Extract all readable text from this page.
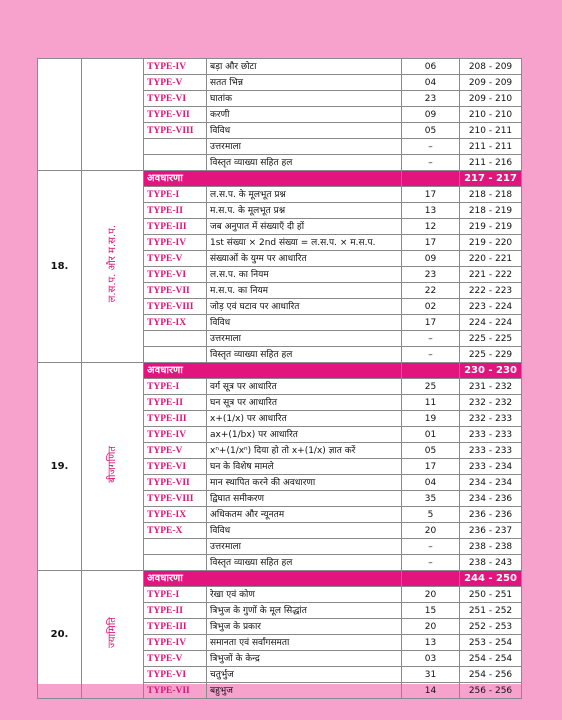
		TYPE-IV	बड़ा और छोटा	06	208 - 209
		TYPE-V	सतत भिन्न	04	209 - 209
		TYPE-VI	घातांक	23	209 - 210
		TYPE-VII	करणी	09	210 - 210
		TYPE-VIII	विविध	05	210 - 211
			उत्तरमाला	–	211 - 211
			विस्तृत व्याख्या सहित हल	–	211 - 216
18.	ल.स.प. और म.स.प.	अवधारणा			217 - 217
		TYPE-I	ल.स.प. के मूलभूत प्रश्न	17	218 - 218
		TYPE-II	म.स.प. के मूलभूत प्रश्न	13	218 - 219
		TYPE-III	जब अनुपात में संख्याएँ दी हों	12	219 - 219
		TYPE-IV	1st संख्या × 2nd संख्या = ल.स.प. × म.स.प.	17	219 - 220
		TYPE-V	संख्याओं के युग्म पर आधारित	09	220 - 221
		TYPE-VI	ल.स.प. का नियम	23	221 - 222
		TYPE-VII	म.स.प. का नियम	22	222 - 223
		TYPE-VIII	जोड़ एवं घटाव पर आधारित	02	223 - 224
		TYPE-IX	विविध	17	224 - 224
			उत्तरमाला	–	225 - 225
			विस्तृत व्याख्या सहित हल	–	225 - 229
19.	बीजगणित	अवधारणा			230 - 230
		TYPE-I	वर्ग सूत्र पर आधारित	25	231 - 232
		TYPE-II	घन सूत्र पर आधारित	11	232 - 232
		TYPE-III	x+(1/x) पर आधारित	19	232 - 233
		TYPE-IV	ax+(1/bx) पर आधारित	01	233 - 233
		TYPE-V	xⁿ+(1/xⁿ) दिया हो तो x+(1/x) ज्ञात करें	05	233 - 233
		TYPE-VI	घन के विशेष मामले	17	233 - 234
		TYPE-VII	मान स्थापित करने की अवधारणा	04	234 - 234
		TYPE-VIII	द्विघात समीकरण	35	234 - 236
		TYPE-IX	अधिकतम और न्यूनतम	5	236 - 236
		TYPE-X	विविध	20	236 - 237
			उत्तरमाला	–	238 - 238
			विस्तृत व्याख्या सहित हल	–	238 - 243
20.	ज्यामिति	अवधारणा			244 - 250
		TYPE-I	रेखा एवं कोण	20	250 - 251
		TYPE-II	त्रिभुज के गुणों के मूल सिद्धांत	15	251 - 252
		TYPE-III	त्रिभुज के प्रकार	20	252 - 253
		TYPE-IV	समानता एवं सर्वांगसमता	13	253 - 254
		TYPE-V	त्रिभुजों के केन्द्र	03	254 - 254
		TYPE-VI	चतुर्भुज	31	254 - 256
		TYPE-VII	बहुभुज	14	256 - 256
